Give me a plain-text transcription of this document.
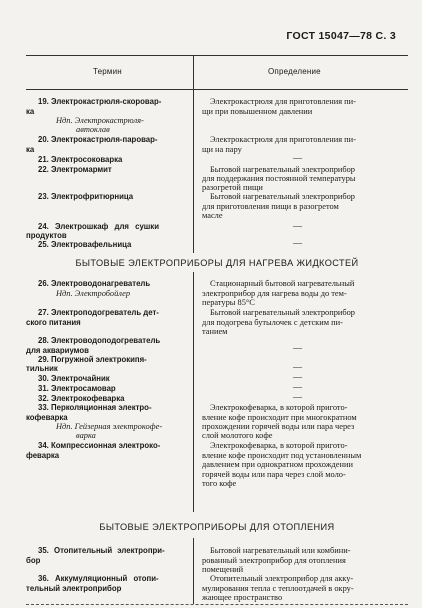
ГОСТ 15047—78 С. 3
Термин	Определение
19. Электрокастрюля-скоровар-
ка
Ндп. Электрокастрюля-
автоклав
20. Электрокастрюля-паровар-
ка
21. Электросоковарка
22. Электромармит
23. Электрофритюрница
24. Электрошкаф для сушки
продуктов
25. Электровафельница
Электрокастрюля для приготовления пи-
щи при повышенном давлении
Электрокастрюля для приготовления пи-
щи на пару
—
Бытовой нагревательный электроприбор
для поддержания постоянной температуры
разогретой пищи
Бытовой нагревательный электроприбор
для приготовления пищи в разогретом
масле
—
—
БЫТОВЫЕ ЭЛЕКТРОПРИБОРЫ ДЛЯ НАГРЕВА ЖИДКОСТЕЙ
26. Электроводонагреватель
Ндп. Электробойлер
27. Электроподогреватель дет-
ского питания
28. Электроводоподогреватель
для аквариумов
29. Погружной электрокипя-
тильник
30. Электрочайник
31. Электросамовар
32. Электрокофеварка
33. Перколяционная электро-
кофеварка
Ндп. Гейзерная электрокофе-
варка
34. Компрессионная электроко-
феварка
Стационарный бытовой нагревательный
электроприбор для нагрева воды до тем-
пературы 85°С
Бытовой нагревательный электроприбор
для подогрева бутылочек с детским пи-
танием
—
—
—
—
—
Электрокофеварка, в которой пригото-
вление кофе происходит при многократном
прохождении горячей воды или пара через
слой молотого кофе
Электрокофеварка, в которой пригото-
вление кофе происходит под установленным
давлением при однократном прохождении
горячей воды или пара через слой моло-
того кофе
БЫТОВЫЕ ЭЛЕКТРОПРИБОРЫ ДЛЯ ОТОПЛЕНИЯ
35. Отопительный электропри-
бор
36. Аккумуляционный отопи-
тельный электроприбор
Бытовой нагревательный или комбини-
рованный электроприбор для отопления
помещений
Отопительный электроприбор для акку-
мулирования тепла с теплоотдачей в окру-
жающее пространство
